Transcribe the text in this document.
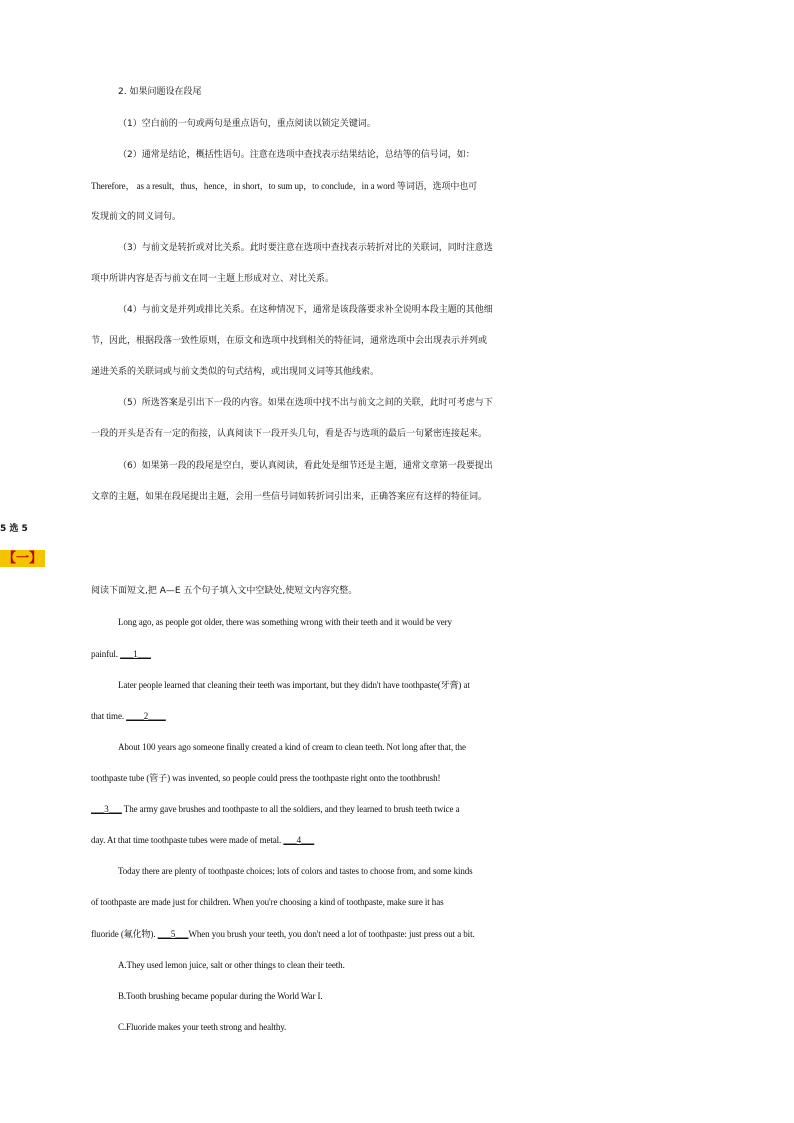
2. 如果问题设在段尾
（1）空白前的一句或两句是重点语句，重点阅读以锁定关键词。
（2）通常是结论，概括性语句。注意在选项中查找表示结果结论，总结等的信号词，如：
Therefore， as a result，thus，hence，in short，to sum up，to conclude，in a word 等词语，选项中也可
发现前文的同义词句。
（3）与前文是转折或对比关系。此时要注意在选项中查找表示转折对比的关联词，同时注意选
项中所讲内容是否与前文在同一主题上形成对立、对比关系。
（4）与前文是并列或排比关系。在这种情况下，通常是该段落要求补全说明本段主题的其他细
节，因此，根据段落一致性原则，在原文和选项中找到相关的特征词，通常选项中会出现表示并列或
递进关系的关联词或与前文类似的句式结构，或出现同义词等其他线索。
（5）所选答案是引出下一段的内容。如果在选项中找不出与前文之间的关联，此时可考虑与下
一段的开头是否有一定的衔接，认真阅读下一段开头几句，看是否与选项的最后一句紧密连接起来。
（6）如果第一段的段尾是空白，要认真阅读，看此处是细节还是主题，通常文章第一段要提出
文章的主题，如果在段尾提出主题，会用一些信号词如转折词引出来，正确答案应有这样的特征词。
5 选 5
【一】
阅读下面短文,把 A—E 五个句子填入文中空缺处,使短文内容究整。
Long ago, as people got older, there was something wrong with their teeth and it would be very
painful. ___1___
Later people learned that cleaning their teeth was important, but they didn't have toothpaste(牙膏) at
that time. ____2____
About 100 years ago someone finally created a kind of cream to clean teeth. Not long after that, the
toothpaste tube (管子) was invented, so people could press the toothpaste right onto the toothbrush!
___3___ The army gave brushes and toothpaste to all the soldiers, and they learned to brush teeth twice a
day. At that time toothpaste tubes were made of metal. ___4___
Today there are plenty of toothpaste choices; lots of colors and tastes to choose from, and some kinds
of toothpaste are made just for children. When you're choosing a kind of toothpaste, make sure it has
fluoride (氟化物). ___5___When you brush your teeth, you don't need a lot of toothpaste: just press out a bit.
A.They used lemon juice, salt or other things to clean their teeth.
B.Tooth brushing became popular during the World War I.
C.Fluoride makes your teeth strong and healthy.
